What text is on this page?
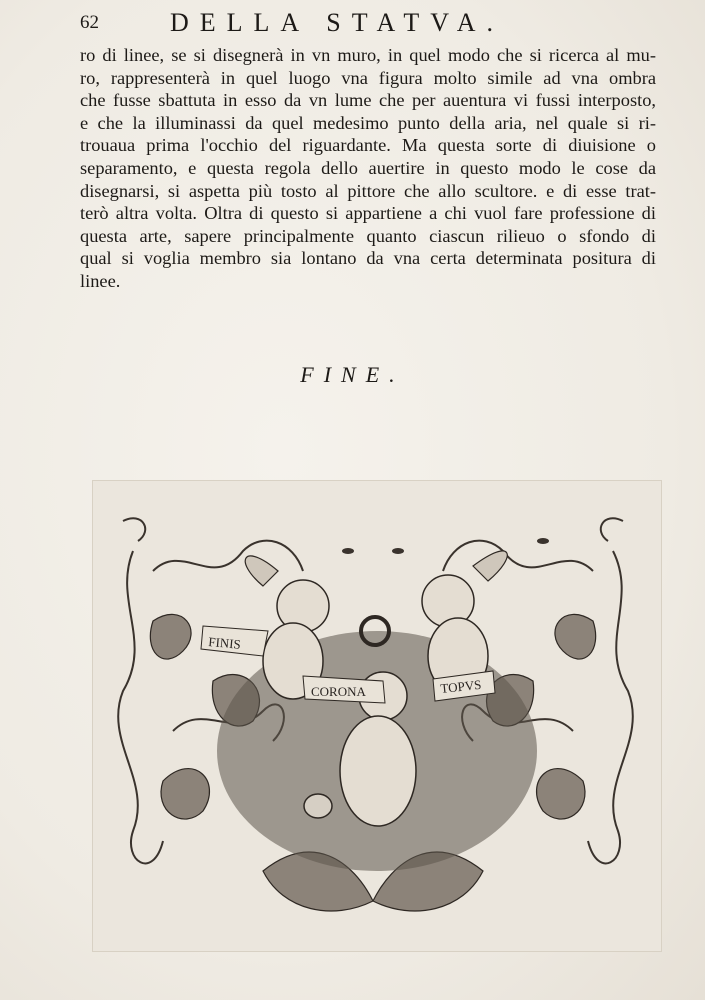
62	DELLA STATVA.
ro di linee, se si disegnerà in vn muro, in quel modo che si ricerca al mu-
ro, rappresenterà in quel luogo vna figura molto simile ad vna ombra
che fusse sbattuta in esso da vn lume che per auentura vi fussi interposto,
e che la illuminassi da quel medesimo punto della aria, nel quale si ri-
trouaua prima l'occhio del riguardante. Ma questa sorte di diuisione o
separamento, e questa regola dello auertire in questo modo le cose da
disegnarsi, si aspetta più tosto al pittore che allo scultore. e di esse trat-
terò altra volta. Oltra di questo si appartiene a chi vuol fare professione di
questa arte, sapere principalmente quanto ciascun rilieuo o sfondo di
qual si voglia membro sia lontano da vna certa determinata positura di
linee.
FINE.
FINIS
CORONA	TOPVS
